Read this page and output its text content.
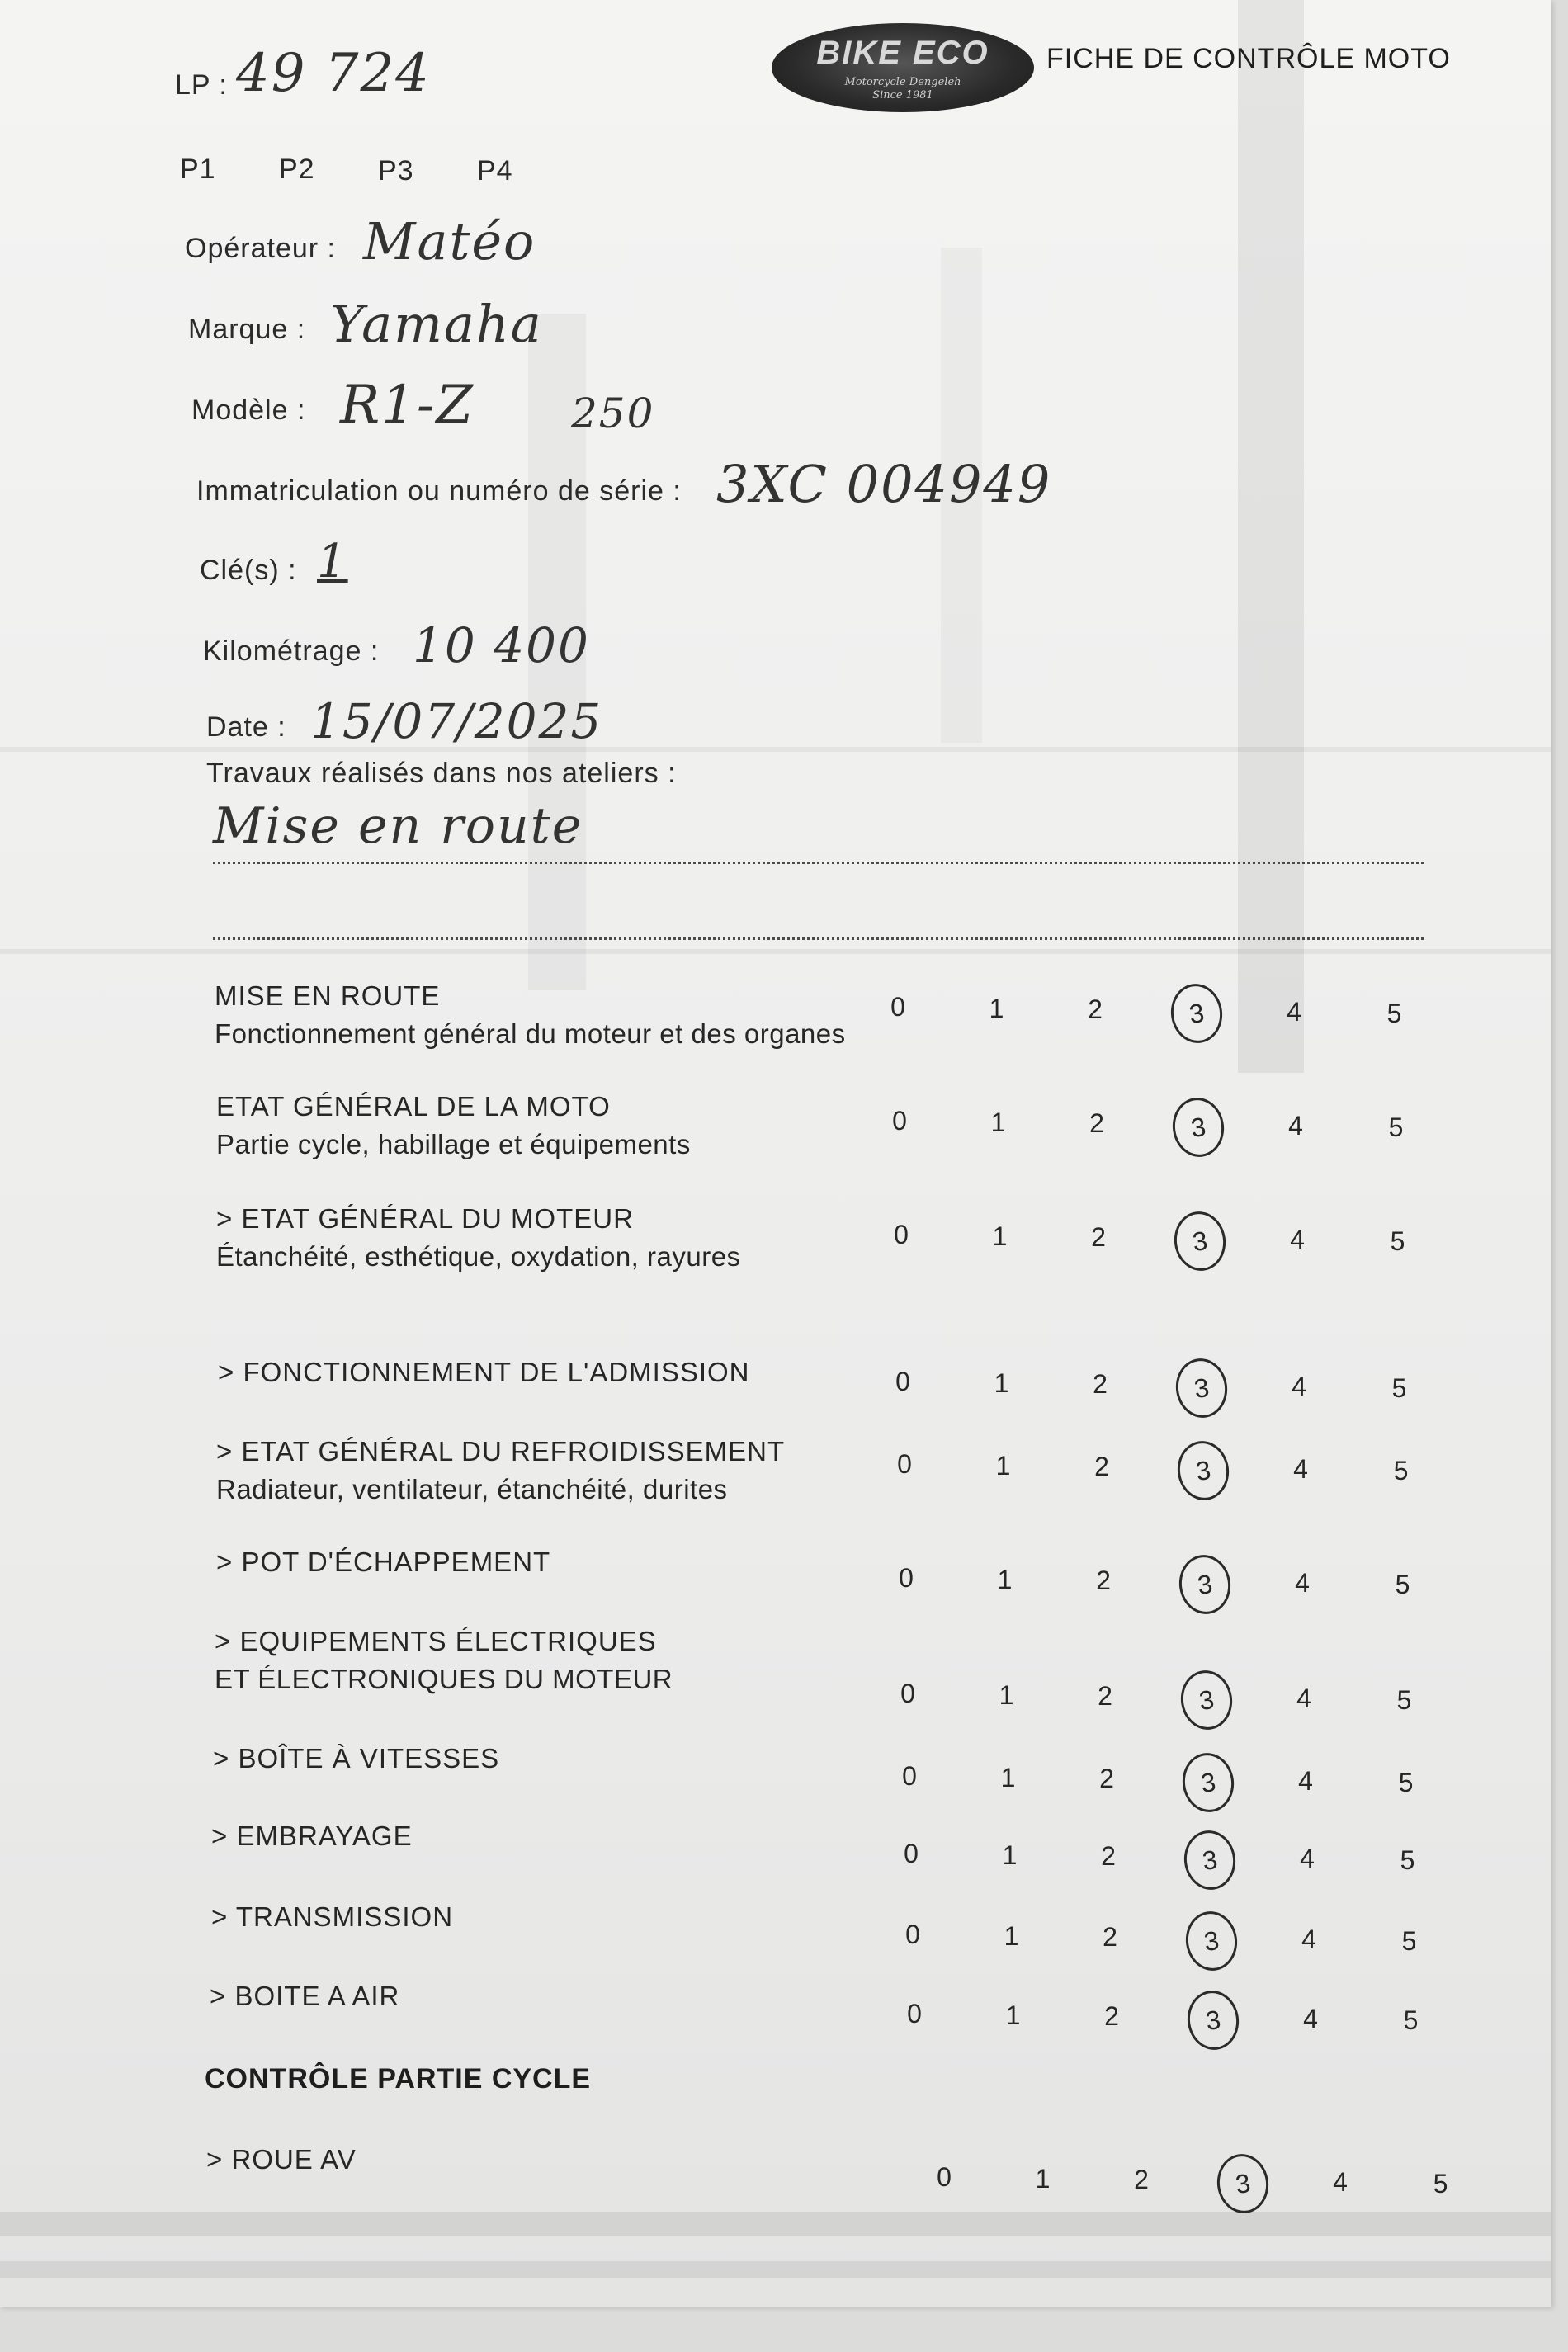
LP : 49 724	BIKE ECO
Motorcycle Dengeleh
Since 1981
FICHE DE CONTRÔLE MOTO
P1 P2 P3 P4
Opérateur : Matéo
Marque : Yamaha
Modèle : R1-Z 250
Immatriculation ou numéro de série : 3XC 004949
Clé(s) : 1
Kilométrage : 10 400
Date : 15/07/2025
Travaux réalisés dans nos ateliers :
Mise en route
MISE EN ROUTE
Fonctionnement général du moteur et des organes
0	1	2	3	4	5
ETAT GÉNÉRAL DE LA MOTO
Partie cycle, habillage et équipements
0	1	2	3	4	5
> ETAT GÉNÉRAL DU MOTEUR
Étanchéité, esthétique, oxydation, rayures
0	1	2	3	4	5
> FONCTIONNEMENT DE L'ADMISSION	0	1	2	3	4	5
> ETAT GÉNÉRAL DU REFROIDISSEMENT
Radiateur, ventilateur, étanchéité, durites
0	1	2	3	4	5
> POT D'ÉCHAPPEMENT
0	1	2	3	4	5
> EQUIPEMENTS ÉLECTRIQUES
ET ÉLECTRONIQUES DU MOTEUR	0	1	2	3	4	5
> BOÎTE À VITESSES
0	1	2	3	4	5
> EMBRAYAGE
0	1	2	3	4	5
> TRANSMISSION
0	1	2	3	4	5
> BOITE A AIR
0	1	2	3	4	5
CONTRÔLE PARTIE CYCLE
> ROUE AV
0	1	2	3	4	5
